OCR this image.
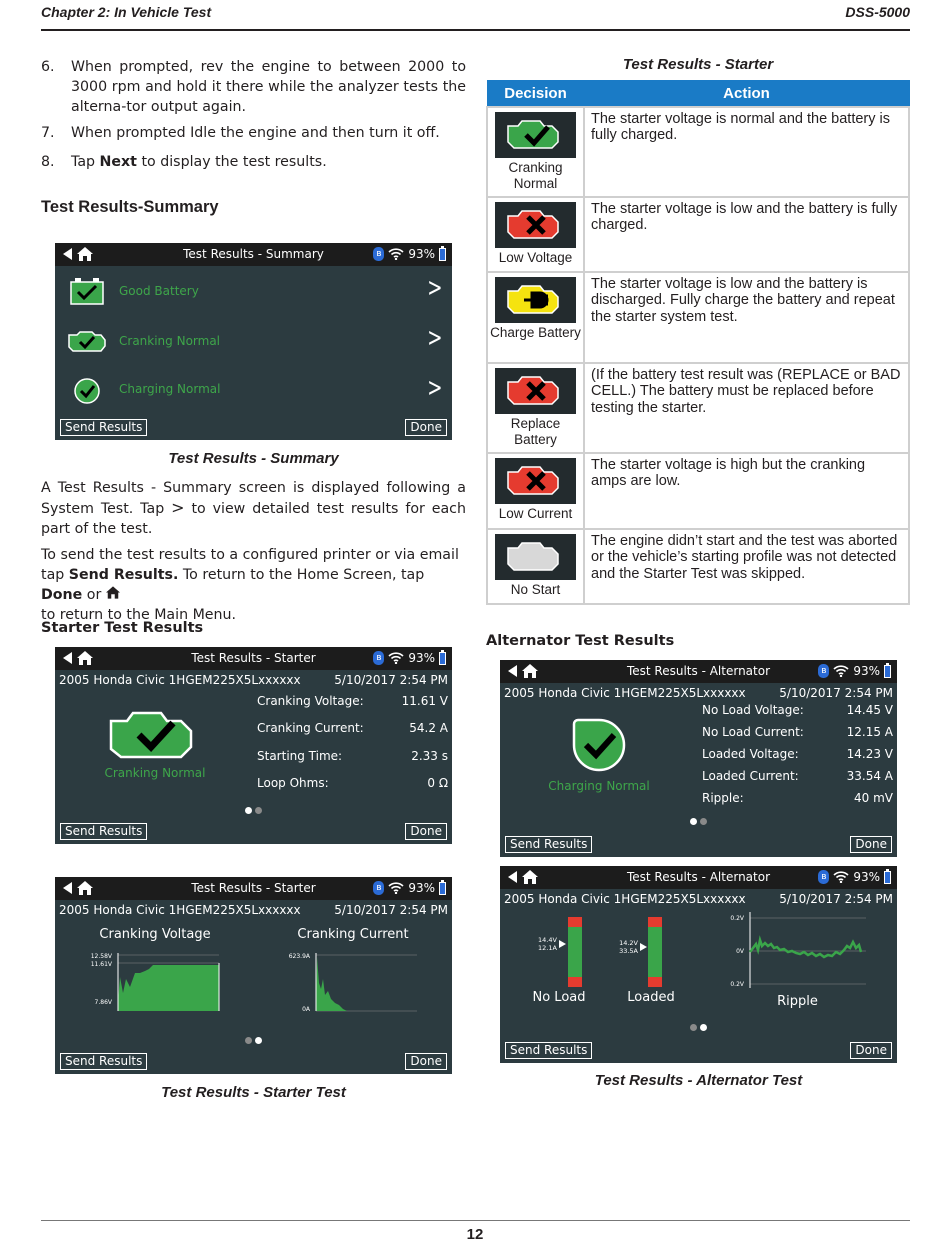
Chapter 2: In Vehicle Test	DSS-5000
6. When prompted, rev the engine to between 2000 to 3000 rpm and hold it there while the analyzer tests the alterna-tor output again.
7. When prompted Idle the engine and then turn it off.
8. Tap Next to display the test results.
Test Results-Summary
Test Results - Summary	ʙ 93%
Good Battery	>
Cranking Normal	>
Charging Normal	>
Send Results	Done
Test Results - Summary
A Test Results - Summary screen is displayed following a System Test. Tap > to view detailed test results for each part of the test.
To send the test results to a configured printer or via email tap Send Results. To return to the Home Screen, tap Done or
to return to the Main Menu.
Starter Test Results
Test Results - Starter	ʙ 93%
2005 Honda Civic 1HGEM225X5Lxxxxxx	5/10/2017 2:54 PM
Cranking Normal
Cranking Voltage:	11.61 V
Cranking Current:	54.2 A
Starting Time:	2.33 s
Loop Ohms:	0 Ω
Send Results	Done
Test Results - Starter	ʙ 93%
2005 Honda Civic 1HGEM225X5Lxxxxxx	5/10/2017 2:54 PM
Cranking Voltage
12.58V
11.61V
7.86V
Cranking Current
623.9A
0A
Send Results	Done
Test Results - Starter Test
Test Results - Starter
Decision	Action

Cranking Normal	The starter voltage is normal and the battery is fully charged.

Low Voltage	The starter voltage is low and the battery is fully charged.

Charge Battery	The starter voltage is low and the battery is discharged. Fully charge the battery and repeat the starter system test.

Replace Battery	(If the battery test result was (REPLACE or BAD CELL.) The battery must be replaced before testing the starter.

Low Current	The starter voltage is high but the cranking amps are low.

No Start	The engine didn’t start and the test was aborted or the vehicle’s starting profile was not detected and the Starter Test was skipped.
Alternator Test Results
Test Results - Alternator	ʙ 93%
2005 Honda Civic 1HGEM225X5Lxxxxxx	5/10/2017 2:54 PM
Charging Normal
No Load Voltage:	14.45 V
No Load Current:	12.15 A
Loaded Voltage:	14.23 V
Loaded Current:	33.54 A
Ripple:	40 mV
Send Results	Done
Test Results - Alternator	ʙ 93%
2005 Honda Civic 1HGEM225X5Lxxxxxx	5/10/2017 2:54 PM
14.4V
12.1A
No Load
14.2V
33.5A
Loaded
0.2V
0V
0.2V
Ripple
Send Results	Done
Test Results - Alternator Test
12
